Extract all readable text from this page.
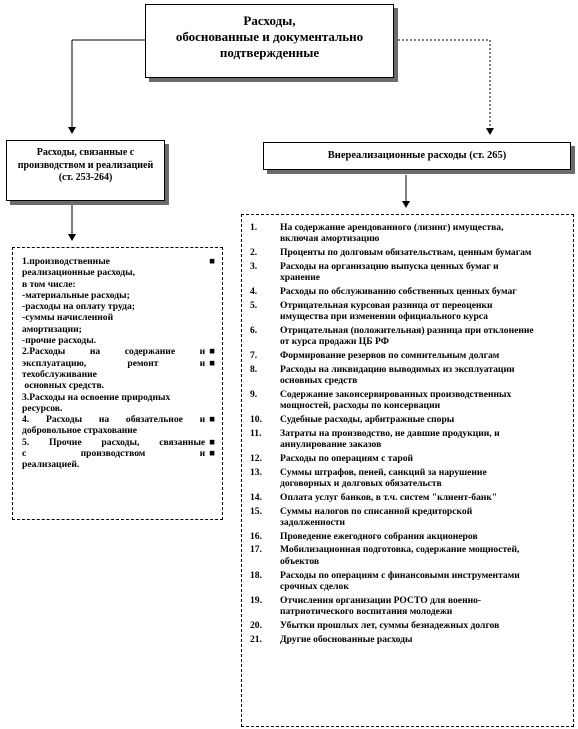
Расходы,
обоснованные и документально
подтвержденные
Расходы, связанные с
производством и реализацией
(ст. 253-264)
Внереализационные расходы (ст. 265)
1.производственные	■
реализационные расходы,
в том числе:
-материальные расходы;
-расходы на оплату труда;
-суммы начисленной
амортизации;
-прочие расходы.
2.Расходы на содержание и ■
эксплуатацию, ремонт и ■
техобслуживание
основных средств.
3.Расходы на освоение природных
ресурсов.
4. Расходы на обязательное и ■
добровольное страхование
5. Прочие расходы, связанные ■
с производством и ■
реализацией.
1.	На содержание арендованного (лизинг) имущества,
включая амортизацию
2.	Проценты по долговым обязательствам, ценным бумагам
3.	Расходы на организацию выпуска ценных бумаг и
хранение
4.	Расходы по обслуживанию собственных ценных бумаг
5.	Отрицательная курсовая разница от переоценки
имущества при изменении официального курса
6.	Отрицательная (положительная) разница при отклонение
от курса продажи ЦБ РФ
7.	Формирование резервов по сомнительным долгам
8.	Расходы на ликвидацию выводимых из эксплуатации
основных средств
9.	Содержание законсервированных производственных
мощностей, расходы по консервации
10.	Судебные расходы, арбитражные споры
11.	Затраты на производство, не давшие продукции, и
аннулирование заказов
12.	Расходы по операциям с тарой
13.	Суммы штрафов, пеней, санкций за нарушение
договорных и долговых обязательств
14.	Оплата услуг банков, в т.ч. систем "клиент-банк"
15.	Суммы налогов по списанной кредиторской
задолженности
16.	Проведение ежегодного собрания акционеров
17.	Мобилизационная подготовка, содержание мощностей,
объектов
18.	Расходы по операциям с финансовыми инструментами
срочных сделок
19.	Отчисления организации РОСТО для военно-
патриотического воспитания молодежи
20.	Убытки прошлых лет, суммы безнадежных долгов
21.	Другие обоснованные расходы
